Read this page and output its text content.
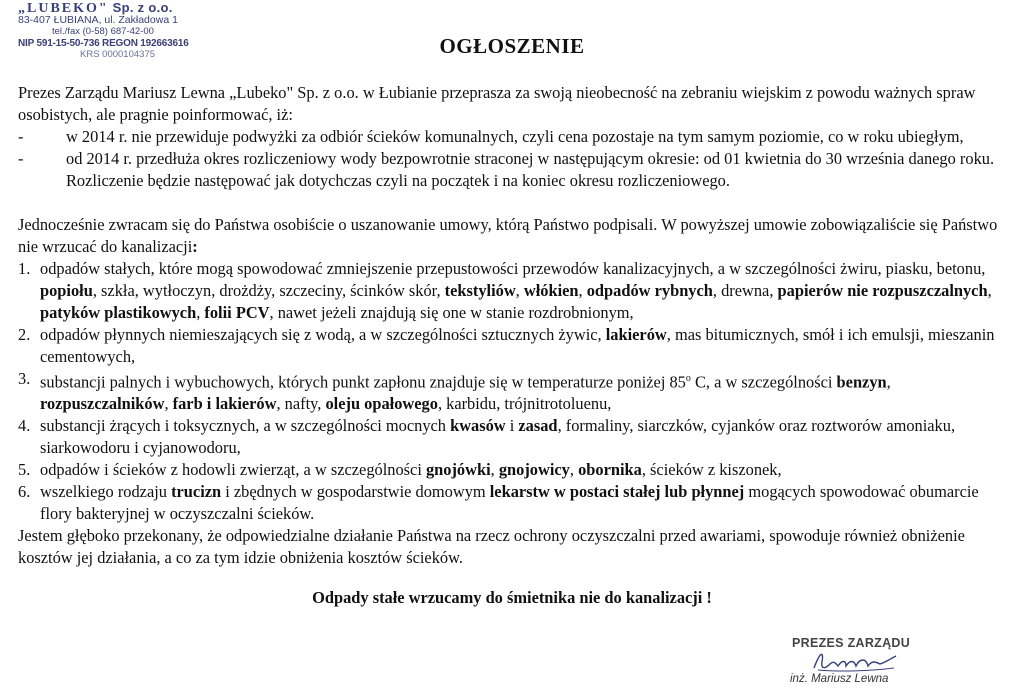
„LUBEKO" Sp. z o.o.
83-407 ŁUBIANA, ul. Zakładowa 1
tel./fax (0-58) 687-42-00
NIP 591-15-50-736 REGON 192663616
KRS 0000104375	OGŁOSZENIE

Prezes Zarządu Mariusz Lewna „Lubeko" Sp. z o.o. w Łubianie przeprasza za swoją nieobecność na zebraniu wiejskim z powodu ważnych spraw osobistych, ale pragnie poinformować, iż:

-	w 2014 r. nie przewiduje podwyżki za odbiór ścieków komunalnych, czyli cena pozostaje na tym samym poziomie, co w roku ubiegłym,
-	od 2014 r. przedłuża okres rozliczeniowy wody bezpowrotnie straconej w następującym okresie: od 01 kwietnia do 30 września danego roku. Rozliczenie będzie następować jak dotychczas czyli na początek i na koniec okresu rozliczeniowego.

Jednocześnie zwracam się do Państwa osobiście o uszanowanie umowy, którą Państwo podpisali. W powyższej umowie zobowiązaliście się Państwo nie wrzucać do kanalizacji:

1. odpadów stałych, które mogą spowodować zmniejszenie przepustowości przewodów kanalizacyjnych, a w szczególności żwiru, piasku, betonu, popiołu, szkła, wytłoczyn, drożdży, szczeciny, ścinków skór, tekstyliów, włókien, odpadów rybnych, drewna, papierów nie rozpuszczalnych, patyków plastikowych, folii PCV, nawet jeżeli znajdują się one w stanie rozdrobnionym,
2. odpadów płynnych niemieszających się z wodą, a w szczególności sztucznych żywic, lakierów, mas bitumicznych, smół i ich emulsji, mieszanin cementowych,
3. substancji palnych i wybuchowych, których punkt zapłonu znajduje się w temperaturze poniżej 85$^o$ C, a w szczególności benzyn, rozpuszczalników, farb i lakierów, nafty, oleju opałowego, karbidu, trójnitrotoluenu,
4. substancji żrących i toksycznych, a w szczególności mocnych kwasów i zasad, formaliny, siarczków, cyjanków oraz roztworów amoniaku, siarkowodoru i cyjanowodoru,
5. odpadów i ścieków z hodowli zwierząt, a w szczególności gnojówki, gnojowicy, obornika, ścieków z kiszonek,
6. wszelkiego rodzaju trucizn i zbędnych w gospodarstwie domowym lekarstw w postaci stałej lub płynnej mogących spowodować obumarcie flory bakteryjnej w oczyszczalni ścieków.

Jestem głęboko przekonany, że odpowiedzialne działanie Państwa na rzecz ochrony oczyszczalni przed awariami, spowoduje również obniżenie kosztów jej działania, a co za tym idzie obniżenia kosztów ścieków.

Odpady stałe wrzucamy do śmietnika nie do kanalizacji !
PREZES ZARZĄDU
inż. Mariusz Lewna
